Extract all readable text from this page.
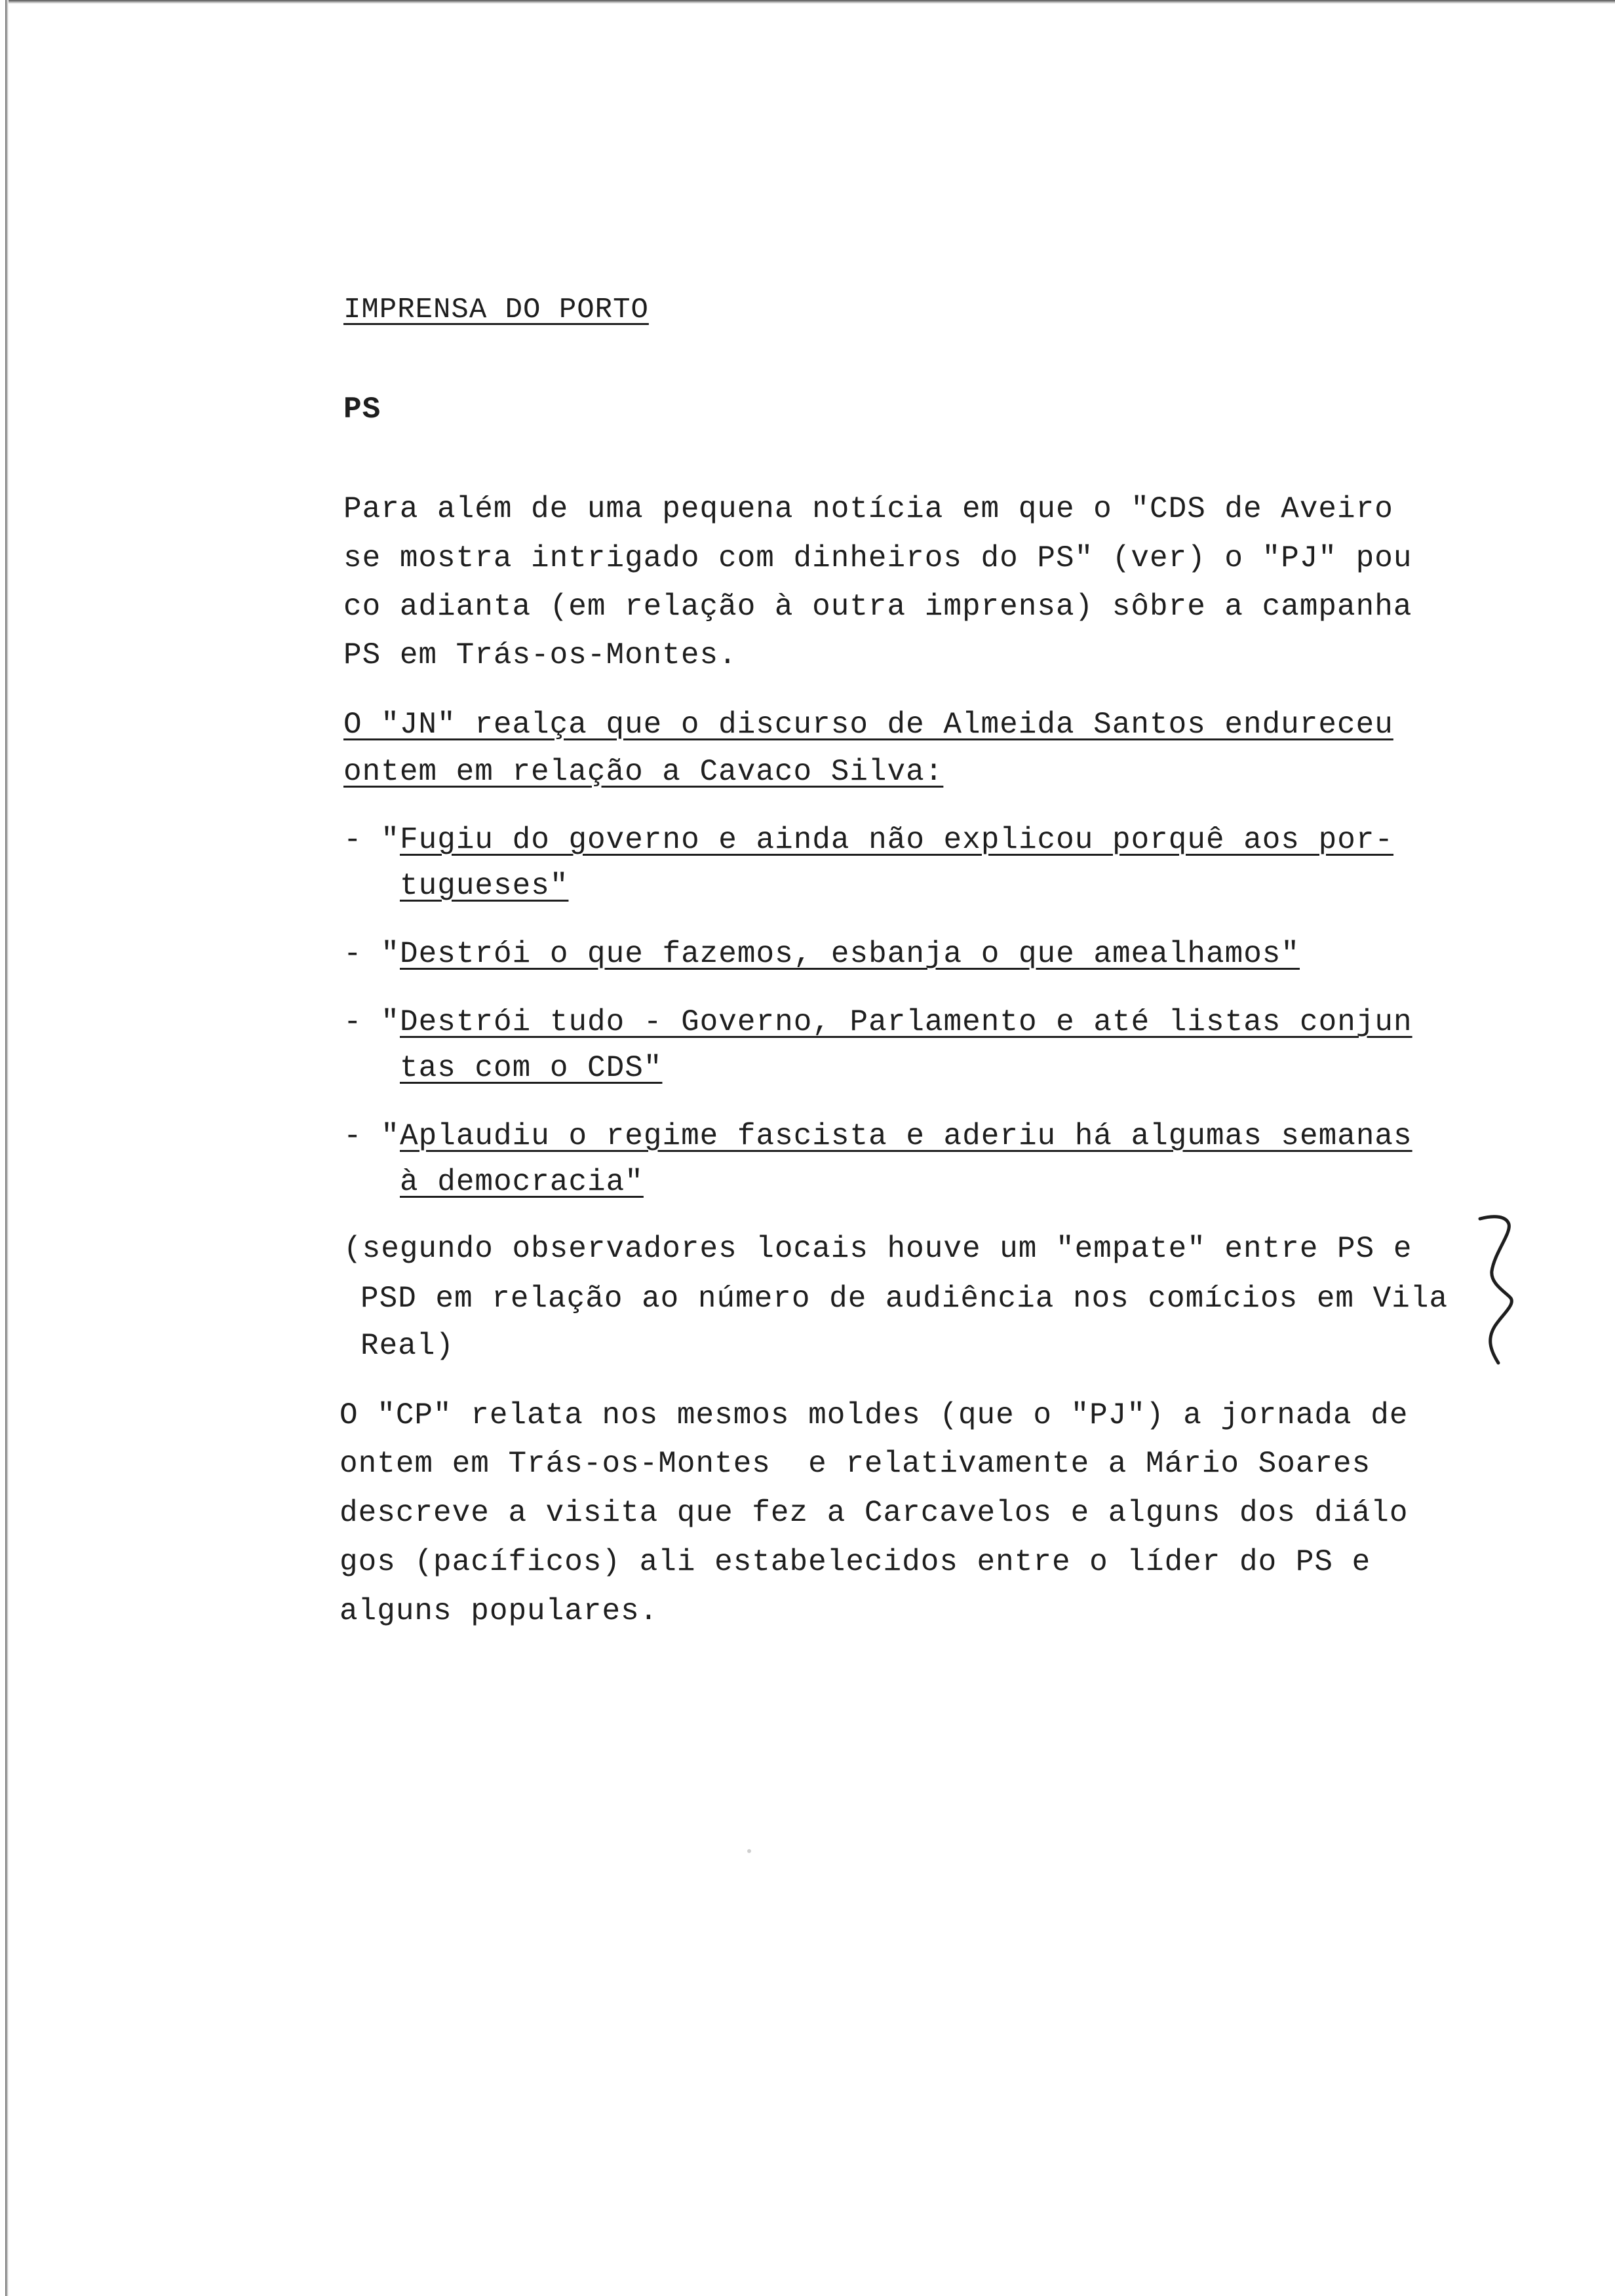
IMPRENSA DO PORTO
PS
Para além de uma pequena notícia em que o "CDS de Aveiro
se mostra intrigado com dinheiros do PS" (ver) o "PJ" pou
co adianta (em relação à outra imprensa) sôbre a campanha
PS em Trás-os-Montes.
O "JN" realça que o discurso de Almeida Santos endureceu
ontem em relação a Cavaco Silva:
- " Fugiu do governo e ainda não explicou porquê aos por-
tugueses"
- " Destrói o que fazemos, esbanja o que amealhamos"
- " Destrói tudo - Governo, Parlamento e até listas conjun
tas com o CDS"
- " Aplaudiu o regime fascista e aderiu há algumas semanas
à democracia"
(segundo observadores locais houve um "empate" entre PS e
PSD em relação ao número de audiência nos comícios em Vila
Real)
O "CP" relata nos mesmos moldes (que o "PJ") a jornada de
ontem em Trás-os-Montes  e relativamente a Mário Soares
descreve a visita que fez a Carcavelos e alguns dos diálo
gos (pacíficos) ali estabelecidos entre o líder do PS e
alguns populares.
